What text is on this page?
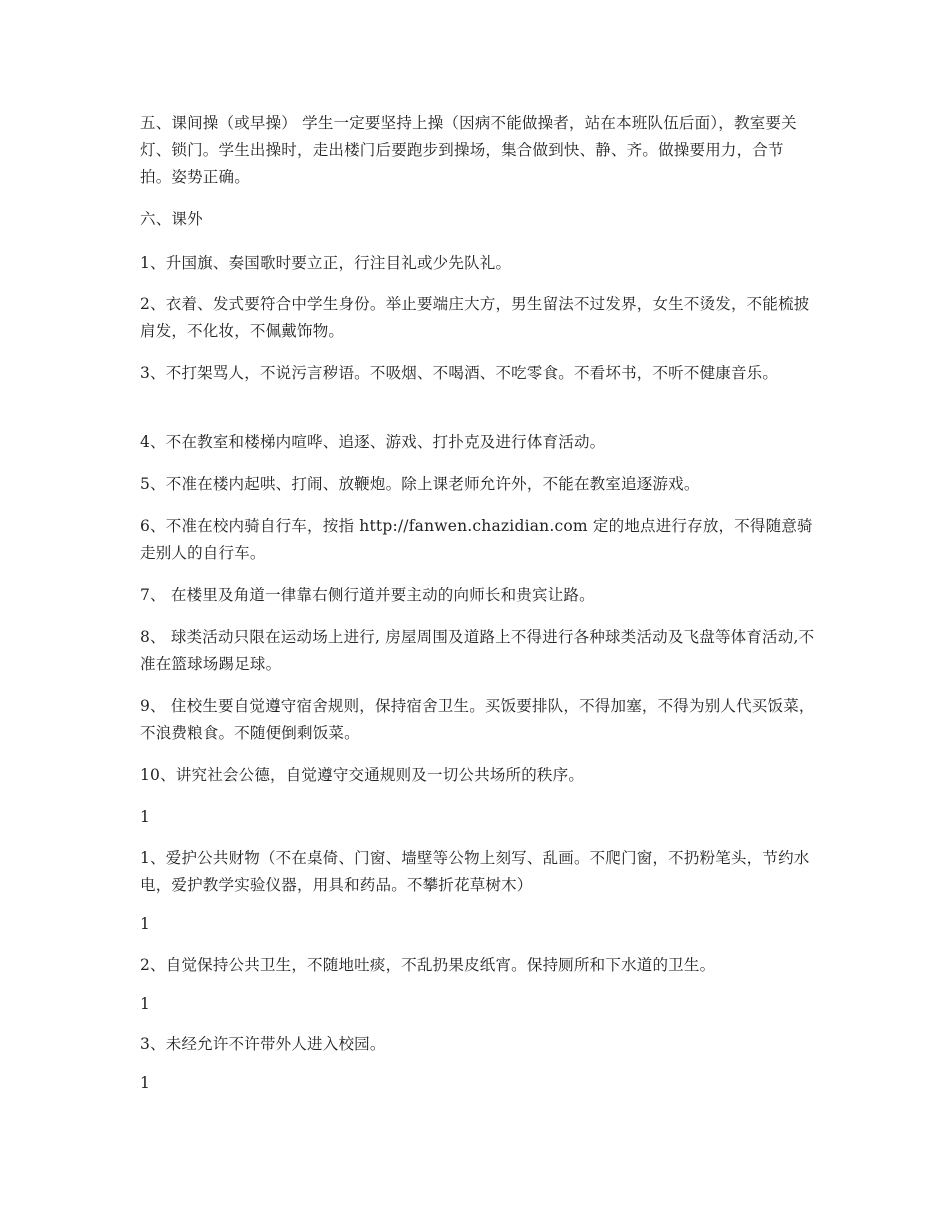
五、课间操（或早操） 学生一定要坚持上操（因病不能做操者，站在本班队伍后面），教室要关灯、锁门。学生出操时，走出楼门后要跑步到操场，集合做到快、静、齐。做操要用力，合节拍。姿势正确。

六、课外

1、升国旗、奏国歌时要立正，行注目礼或少先队礼。

2、衣着、发式要符合中学生身份。举止要端庄大方，男生留法不过发界，女生不烫发，不能梳披肩发，不化妆，不佩戴饰物。

3、不打架骂人，不说污言秽语。不吸烟、不喝酒、不吃零食。不看坏书，不听不健康音乐。

4、不在教室和楼梯内喧哗、追逐、游戏、打扑克及进行体育活动。

5、不准在楼内起哄、打闹、放鞭炮。除上课老师允许外，不能在教室追逐游戏。

6、不准在校内骑自行车，按指 http://fanwen.chazidian.com 定的地点进行存放，不得随意骑走别人的自行车。

7、 在楼里及角道一律靠右侧行道并要主动的向师长和贵宾让路。

8、 球类活动只限在运动场上进行, 房屋周围及道路上不得进行各种球类活动及飞盘等体育活动,不准在篮球场踢足球。

9、 住校生要自觉遵守宿舍规则，保持宿舍卫生。买饭要排队，不得加塞，不得为别人代买饭菜，不浪费粮食。不随便倒剩饭菜。

10、讲究社会公德，自觉遵守交通规则及一切公共场所的秩序。

1

1、爱护公共财物（不在桌倚、门窗、墙壁等公物上刻写、乱画。不爬门窗，不扔粉笔头，节约水电，爱护教学实验仪器，用具和药品。不攀折花草树木）

1

2、自觉保持公共卫生，不随地吐痰，不乱扔果皮纸宵。保持厕所和下水道的卫生。

1

3、未经允许不许带外人进入校园。

1
